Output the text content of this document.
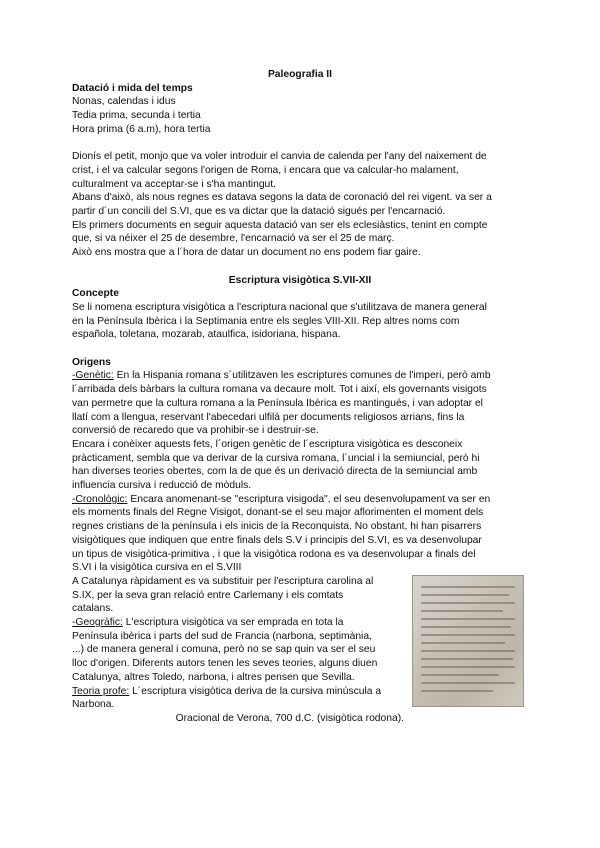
Paleografia II

Datació i mida del temps

Nonas, calendas i idus
Tedia prima, secunda i tertia
Hora prima (6 a.m), hora tertia
Dionís el petit, monjo que va voler introduir el canvia de calenda per l'any del naixement de
crist, i el va calcular segons l'origen de Roma, i encara que va calcular-ho malament,
culturalment va acceptar-se i s'ha mantingut.
Abans d'això, als nous regnes es datava segons la data de coronació del rei vigent. va ser a
partir d´un concili del S.VI, que es va dictar que la datació sigués per l'encarnació.
Els primers documents en seguir aquesta datació van ser els eclesiàstics, tenint en compte
que, si va néixer el 25 de desembre, l'encarnació va ser el 25 de març.
Això ens mostra que a l´hora de datar un document no ens podem fiar gaire.

Escriptura visigòtica S.VII-XII

Concepte

Se li nomena escriptura visigòtica a l'escriptura nacional que s'utilitzava de manera general
en la Península Ibèrica i la Septimania entre els segles VIII-XII. Rep altres noms com
española, toletana, mozarab, ataulfica, isidoriana, hispana.

Origens

-Genètic: En la Hispania romana s´utilitzaven les escriptures comunes de l'imperi, però amb
l´arribada dels bàrbars la cultura romana va decaure molt. Tot i així, els governants visigots
van permetre que la cultura romana a la Península Ibèrica es mantingués, i van adoptar el
llatí com a llengua, reservant l'abecedari ulfilà per documents religiosos arrians, fins la
conversió de recaredo que va prohibir-se i destruir-se.
Encara i conèixer aquests fets, l´origen genètic de l´escriptura visigòtica es desconeix
pràcticament, sembla que va derivar de la cursiva romana, l´uncial i la semiuncial, però hi
han diverses teories obertes, com la de que és un derivació directa de la semiuncial amb
influencia cursiva i reducció de mòduls.
-Cronològic: Encara anomenant-se "escriptura visigoda", el seu desenvolupament va ser en
els moments finals del Regne Visigot, donant-se el seu major aflorimenten el moment dels
regnes cristians de la península i els inicis de la Reconquista. No obstant, hi han pisarrers
visigòtiques que indiquen que entre finals dels S.V i principis del S.VI, es va desenvolupar
un tipus de visigòtica-primitiva , i que la visigòtica rodona es va desenvolupar a finals del
S.VI i la visigòtica cursiva en el S.VIII
A Catalunya ràpidament es va substituir per l'escriptura carolina al
S.IX, per la seva gran relació entre Carlemany i els comtats
catalans.
-Geogràfic: L'escriptura visigòtica va ser emprada en tota la
Península ibèrica i parts del sud de Francia (narbona, septimània,
...) de manera general i comuna, però no se sap quin va ser el seu
lloc d'origen. Diferents autors tenen les seves teories, alguns diuen
Catalunya, altres Toledo, narbona, i altres pensen que Sevilla.
Teoria profe: L´escriptura visigòtica deriva de la cursiva minúscula a
Narbona.
Oracional de Verona, 700 d.C. (visigòtica rodona).
